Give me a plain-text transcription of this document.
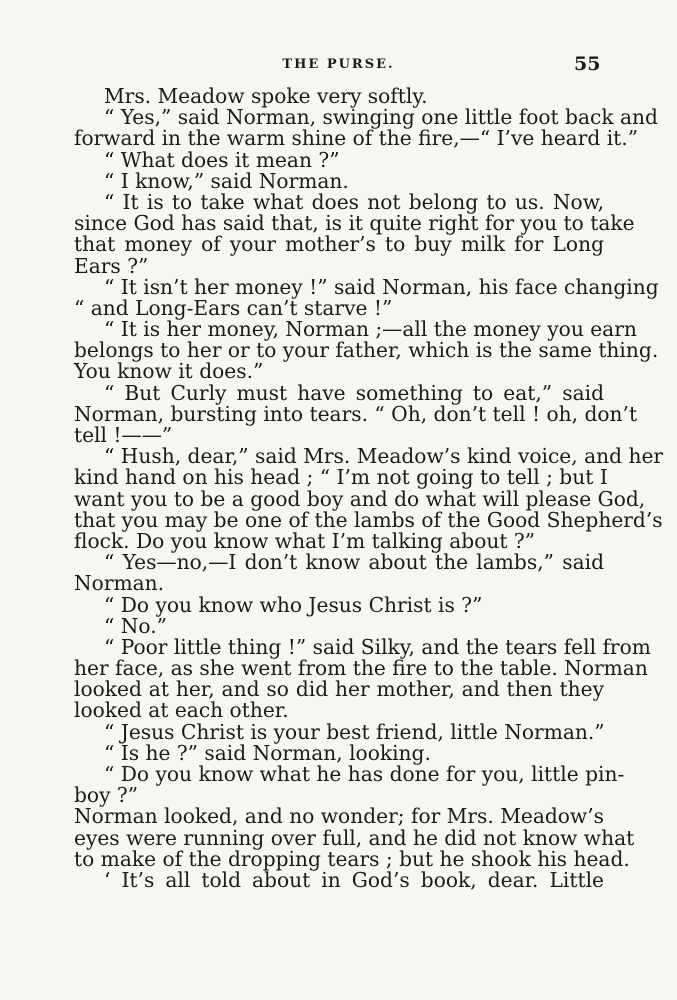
THE PURSE.	55
Mrs. Meadow spoke very softly.
“ Yes,” said Norman, swinging one little foot back and
forward in the warm shine of the fire,—“ I’ve heard it.”
“ What does it mean ?”
“ I know,” said Norman.
“ It is to take what does not belong to us. Now,
since God has said that, is it quite right for you to take
that money of your mother’s to buy milk for Long
Ears ?”
“ It isn’t her money !” said Norman, his face changing
“ and Long-Ears can’t starve !”
“ It is her money, Norman ;—all the money you earn
belongs to her or to your father, which is the same thing.
You know it does.”
“ But Curly must have something to eat,” said
Norman, bursting into tears. “ Oh, don’t tell ! oh, don’t
tell !——”
“ Hush, dear,” said Mrs. Meadow’s kind voice, and her
kind hand on his head ; “ I’m not going to tell ; but I
want you to be a good boy and do what will please God,
that you may be one of the lambs of the Good Shepherd’s
flock. Do you know what I’m talking about ?”
“ Yes—no,—I don’t know about the lambs,” said
Norman.
“ Do you know who Jesus Christ is ?”
“ No.”
“ Poor little thing !” said Silky, and the tears fell from
her face, as she went from the fire to the table. Norman
looked at her, and so did her mother, and then they
looked at each other.
“ Jesus Christ is your best friend, little Norman.”
“ Is he ?” said Norman, looking.
“ Do you know what he has done for you, little pin-
boy ?”
Norman looked, and no wonder; for Mrs. Meadow’s
eyes were running over full, and he did not know what
to make of the dropping tears ; but he shook his head.
‘ It’s all told about in God’s book, dear. Little
